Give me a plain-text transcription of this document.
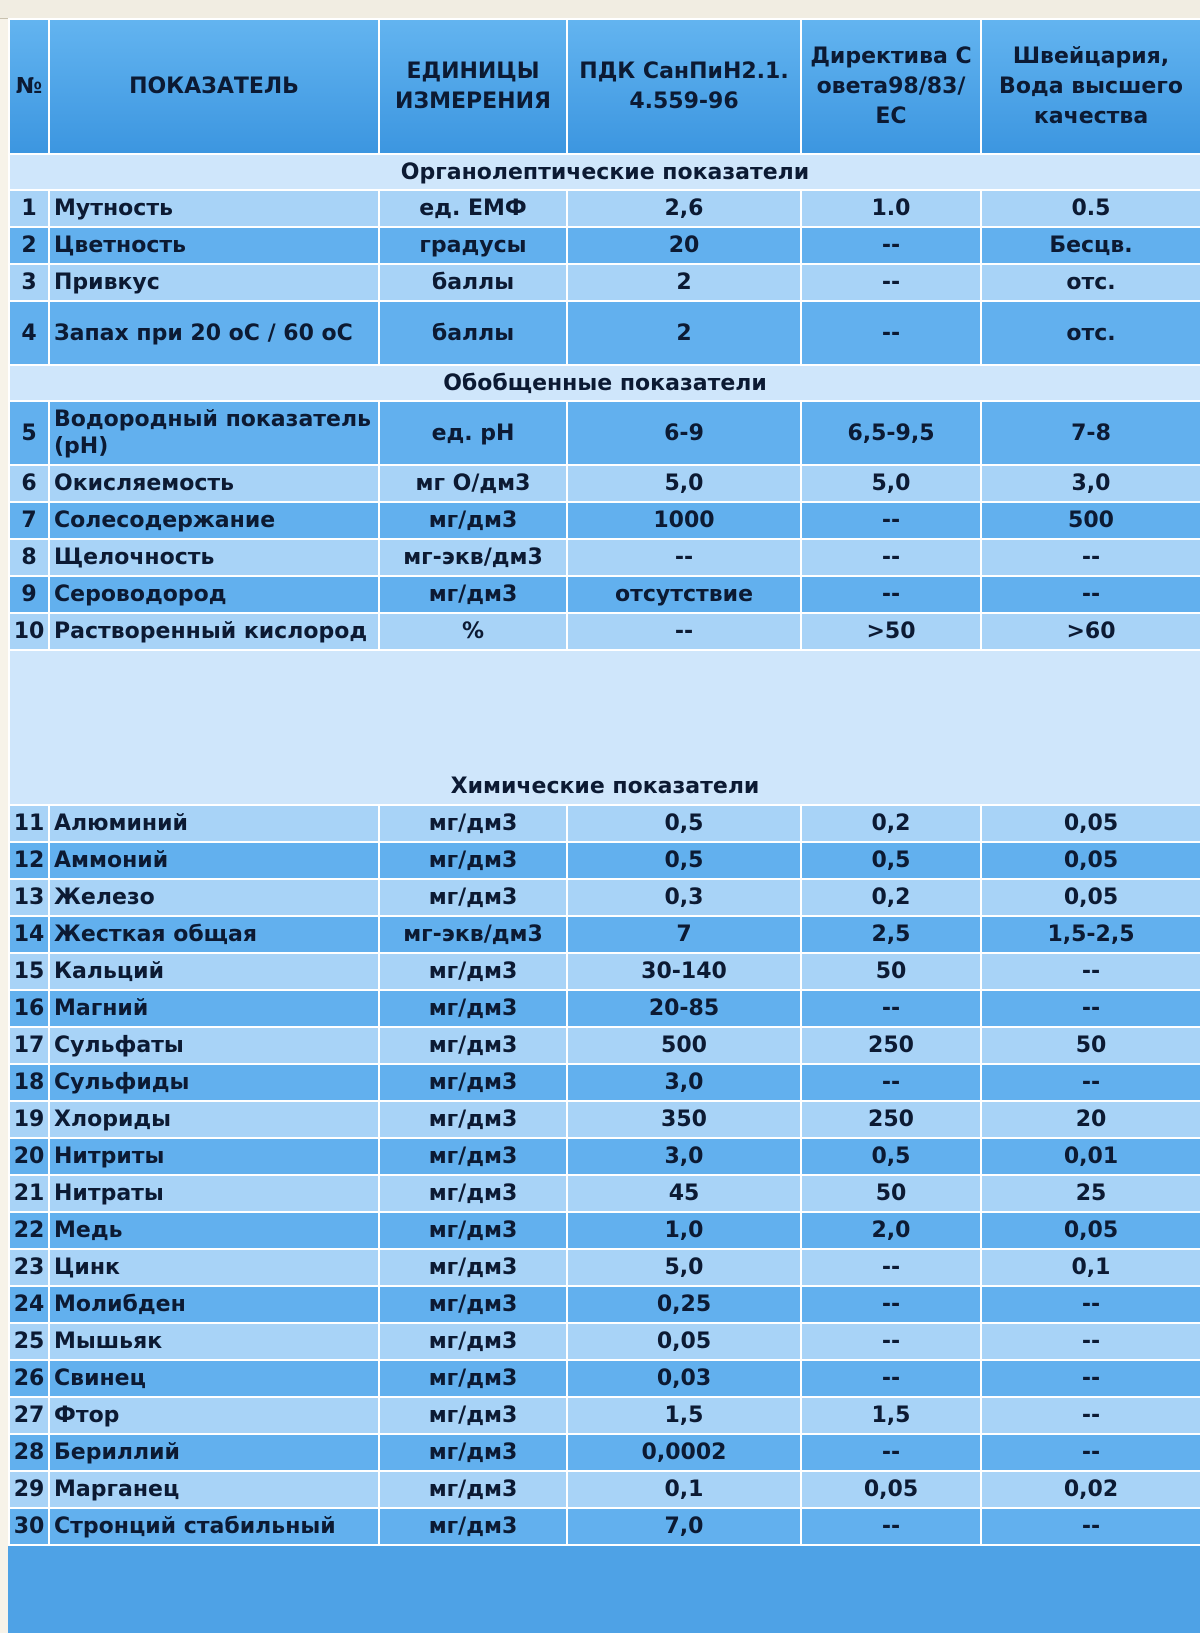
№	ПОКАЗАТЕЛЬ	ЕДИНИЦЫ ИЗМЕРЕНИЯ	ПДК СанПиН2.1.4.559-96	Директива Совета98/83/ ЕС	Швейцария, Вода высшего качества
Органолептические показатели					
1	Мутность	ед. ЕМФ	2,6	1.0	0.5
2	Цветность	градусы	20	--	Бесцв.
3	Привкус	баллы	2	--	отс.
4	Запах при 20 оС / 60 оС	баллы	2	--	отс.
Обобщенные показатели					
5	Водородный показатель (рН)	ед. рН	6-9	6,5-9,5	7-8
6	Окисляемость	мг О/дм3	5,0	5,0	3,0
7	Солесодержание	мг/дм3	1000	--	500
8	Щелочность	мг-экв/дм3	--	--	--
9	Сероводород	мг/дм3	отсутствие	--	--
10	Растворенный кислород	%	--	>50	>60
Химические показатели					
11	Алюминий	мг/дм3	0,5	0,2	0,05
12	Аммоний	мг/дм3	0,5	0,5	0,05
13	Железо	мг/дм3	0,3	0,2	0,05
14	Жесткая общая	мг-экв/дм3	7	2,5	1,5-2,5
15	Кальций	мг/дм3	30-140	50	--
16	Магний	мг/дм3	20-85	--	--
17	Сульфаты	мг/дм3	500	250	50
18	Сульфиды	мг/дм3	3,0	--	--
19	Хлориды	мг/дм3	350	250	20
20	Нитриты	мг/дм3	3,0	0,5	0,01
21	Нитраты	мг/дм3	45	50	25
22	Медь	мг/дм3	1,0	2,0	0,05
23	Цинк	мг/дм3	5,0	--	0,1
24	Молибден	мг/дм3	0,25	--	--
25	Мышьяк	мг/дм3	0,05	--	--
26	Свинец	мг/дм3	0,03	--	--
27	Фтор	мг/дм3	1,5	1,5	--
28	Бериллий	мг/дм3	0,0002	--	--
29	Марганец	мг/дм3	0,1	0,05	0,02
30	Стронций стабильный	мг/дм3	7,0	--	--
